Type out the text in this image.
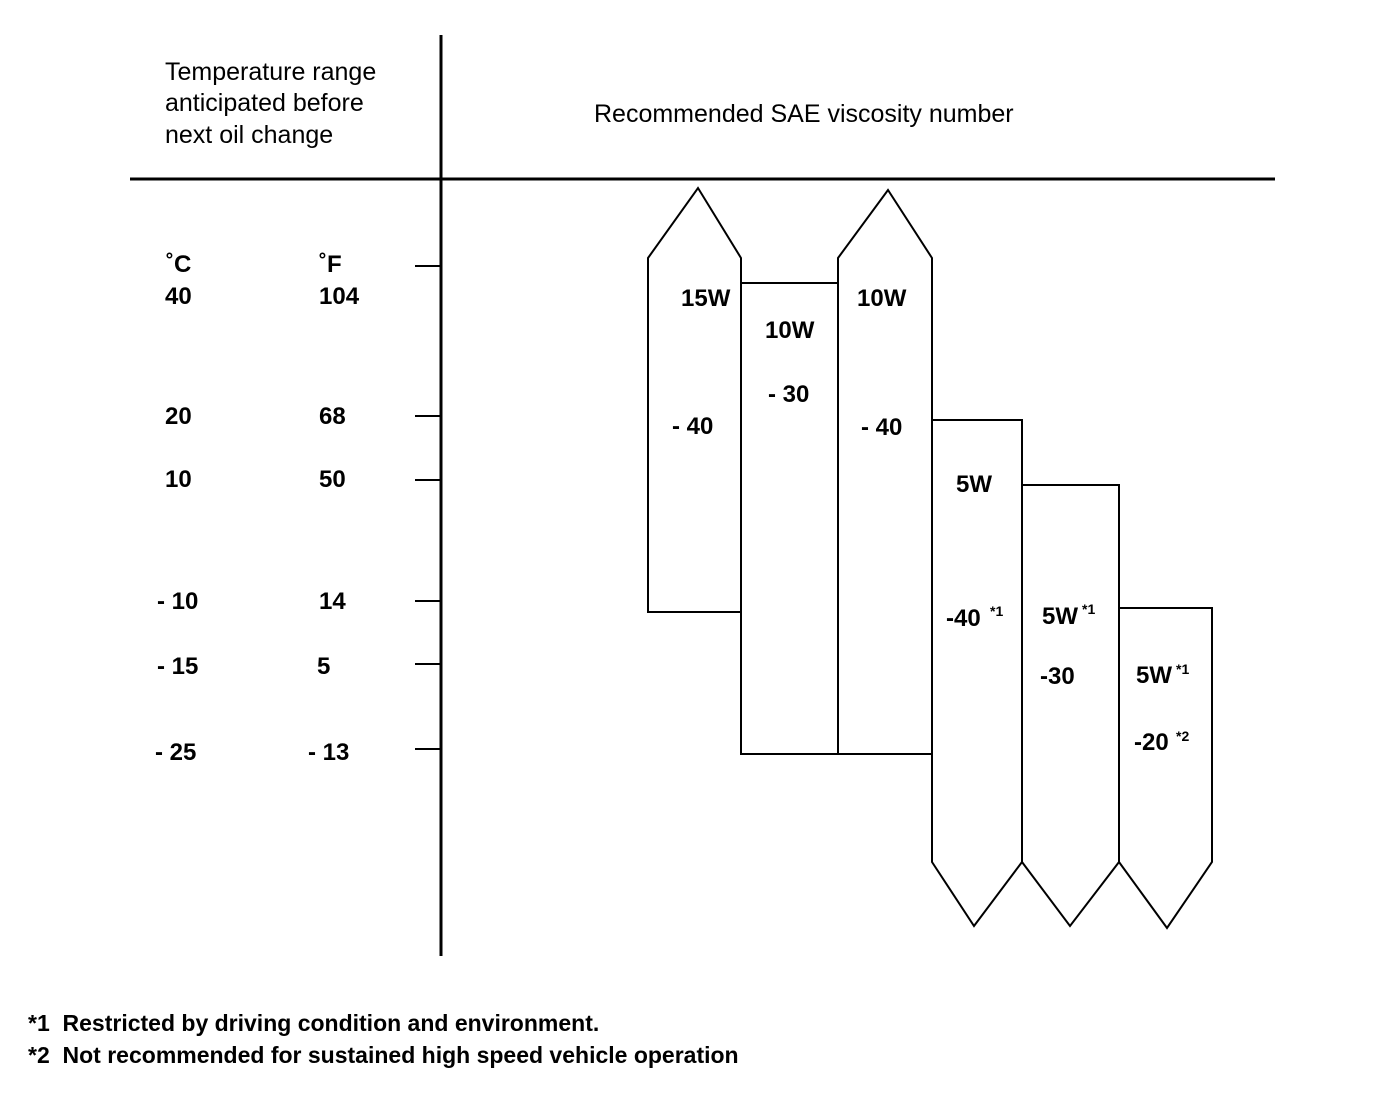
Temperature range
anticipated before
next oil change
Recommended SAE viscosity number
˚C	˚F
40	104
20	68
10	50
- 10	14
- 15	5
- 25	- 13
15W
- 40
10W
- 30
10W
- 40
5W
-40 *1 5W *1
-30	5W *1
-20 *2
*1  Restricted by driving condition and environment.
*2  Not recommended for sustained high speed vehicle operation
